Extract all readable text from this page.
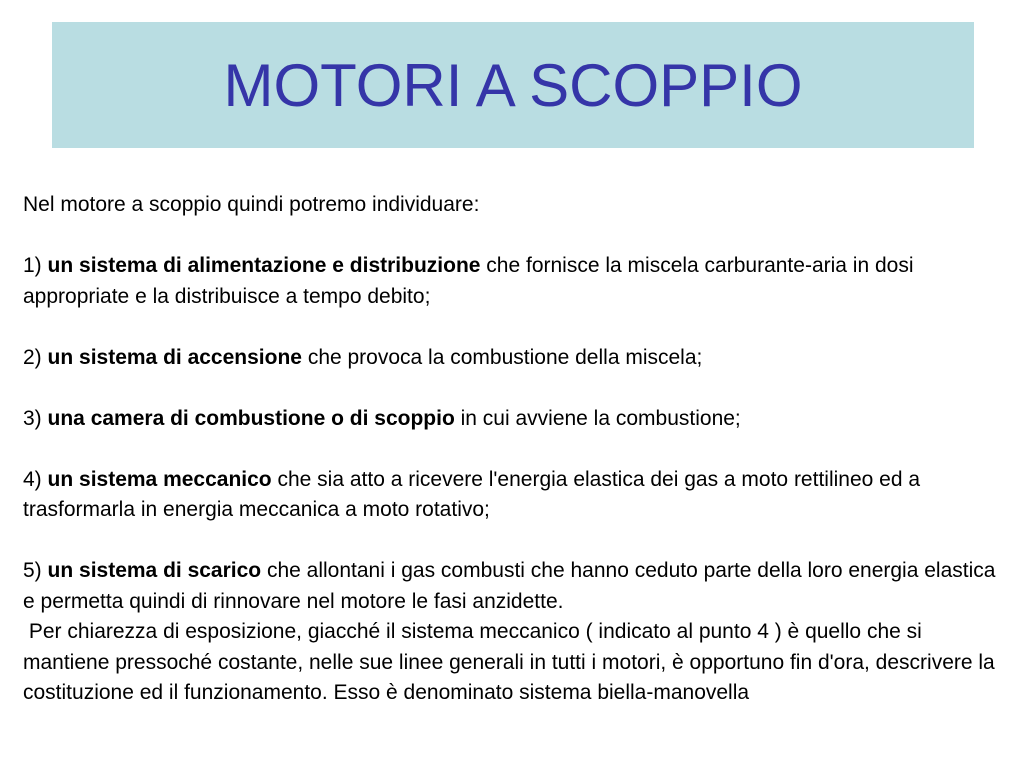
MOTORI A SCOPPIO

Nel motore a scoppio quindi potremo individuare:

1) un sistema di alimentazione e distribuzione che fornisce la miscela carburante-aria in dosi appropriate e la distribuisce a tempo debito;

2) un sistema di accensione che provoca la combustione della miscela;

3) una camera di combustione o di scoppio in cui avviene la combustione;

4) un sistema meccanico che sia atto a ricevere l'energia elastica dei gas a moto rettilineo ed a trasformarla in energia meccanica a moto rotativo;

5) un sistema di scarico che allontani i gas combusti che hanno ceduto parte della loro energia elastica e permetta quindi di rinnovare nel motore le fasi anzidette.

Per chiarezza di esposizione, giacché il sistema meccanico ( indicato al punto 4 ) è quello che si mantiene pressoché costante, nelle sue linee generali in tutti i motori, è opportuno fin d'ora, descrivere la costituzione ed il funzionamento. Esso è denominato sistema biella-manovella
